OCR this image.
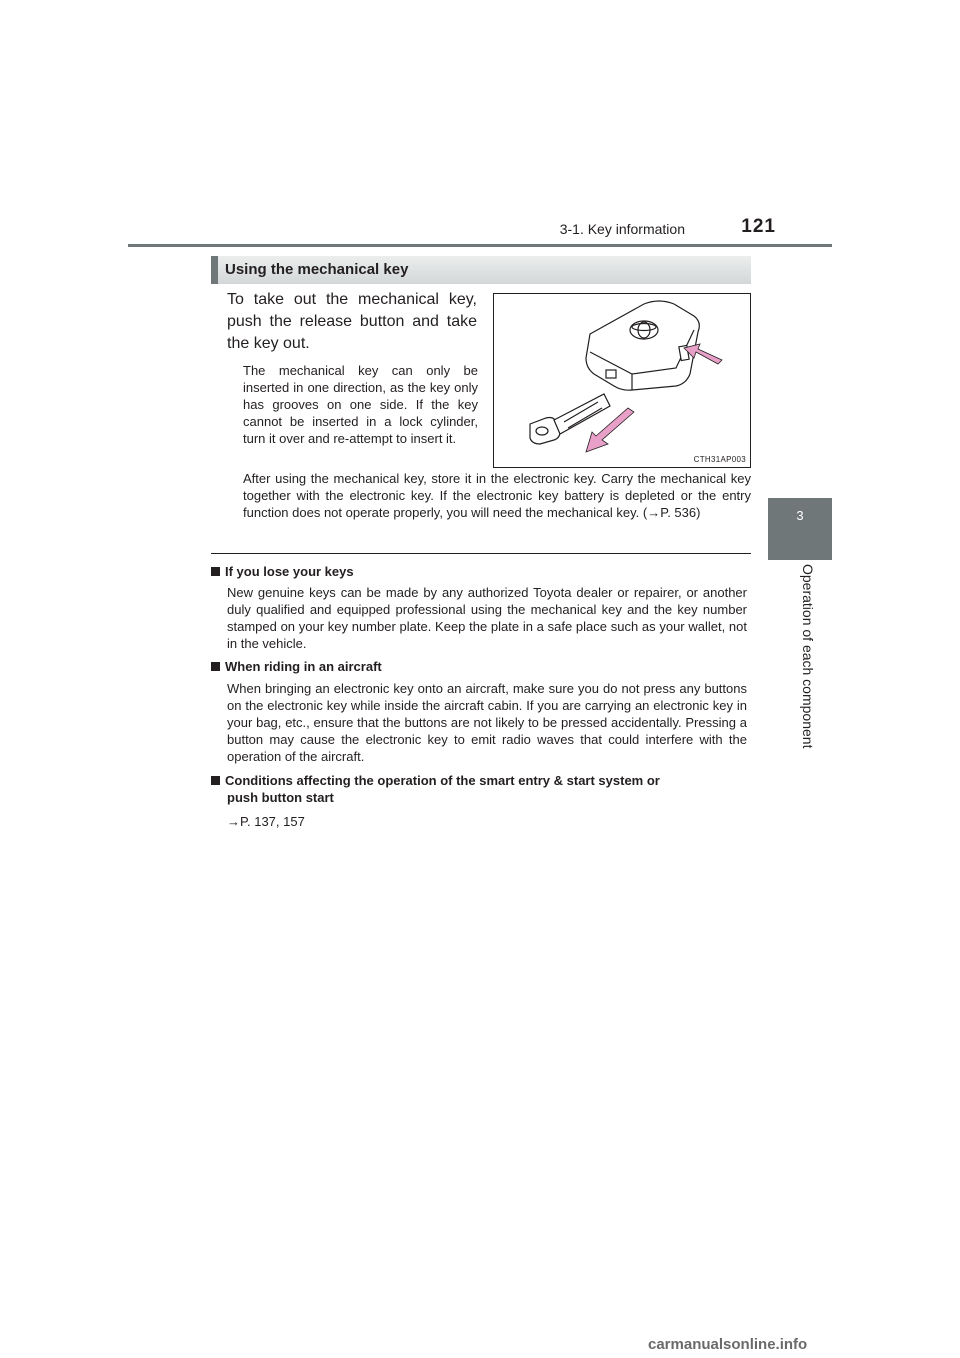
3-1. Key information	121
3
Operation of each component
Using the mechanical key
To take out the mechanical key, push the release button and take the key out.
The mechanical key can only be inserted in one direction, as the key only has grooves on one side. If the key cannot be inserted in a lock cylinder, turn it over and re-attempt to insert it.
CTH31AP003
After using the mechanical key, store it in the electronic key. Carry the mechanical key together with the electronic key. If the electronic key battery is depleted or the entry function does not operate properly, you will need the mechanical key. (→P. 536)
If you lose your keys
New genuine keys can be made by any authorized Toyota dealer or repairer, or another duly qualified and equipped professional using the mechanical key and the key number stamped on your key number plate. Keep the plate in a safe place such as your wallet, not in the vehicle.
When riding in an aircraft
When bringing an electronic key onto an aircraft, make sure you do not press any buttons on the electronic key while inside the aircraft cabin. If you are carrying an electronic key in your bag, etc., ensure that the buttons are not likely to be pressed accidentally. Pressing a button may cause the electronic key to emit radio waves that could interfere with the operation of the aircraft.
Conditions affecting the operation of the smart entry & start system or
push button start
→P. 137, 157
carmanualsonline.info
